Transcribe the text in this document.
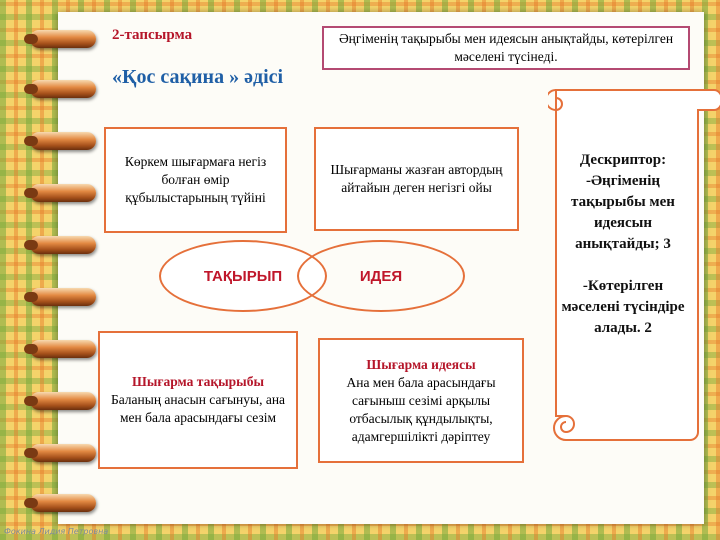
2-тапсырма
«Қос сақина » әдісі
Әңгіменің тақырыбы мен идеясын анықтайды, көтерілген мәселені түсінеді.
Көркем шығармаға негіз болған өмір құбылыстарының түйіні
Шығарманы жазған автордың айтайын деген негізгі ойы
ТАҚЫРЫП	ИДЕЯ
Шығарма тақырыбы
Баланың анасын сағынуы, ана мен бала арасындағы сезім
Шығарма идеясы
Ана мен бала арасындағы сағыныш сезімі арқылы отбасылық құндылықты, адамгершілікті дәріптеу
Дескриптор:
-Әңгіменің тақырыбы мен идеясын анықтайды; 3
-Көтерілген мәселені түсіндіре алады. 2
Фокина Лидия Петровна
